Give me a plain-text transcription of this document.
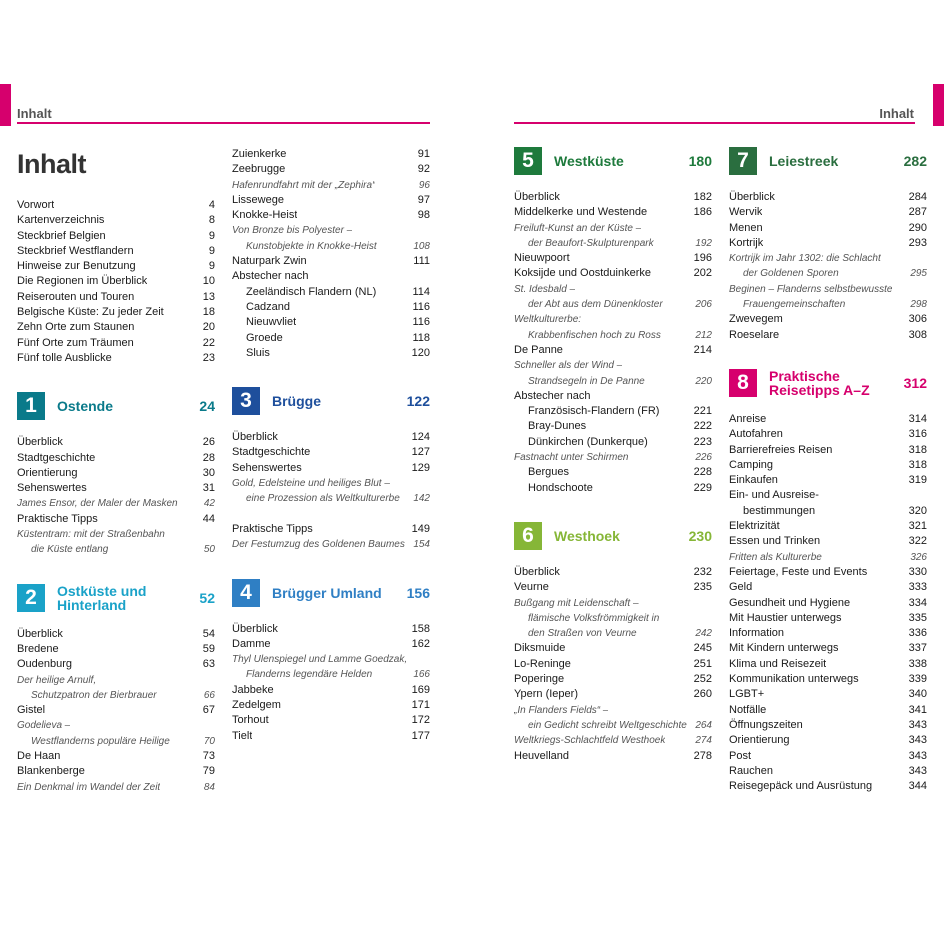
Inhalt	Inhalt
Inhalt
Vorwort	4
Kartenverzeichnis	8
Steckbrief Belgien	9
Steckbrief Westflandern	9
Hinweise zur Benutzung	9
Die Regionen im Überblick	10
Reiserouten und Touren	13
Belgische Küste: Zu jeder Zeit	18
Zehn Orte zum Staunen	20
Fünf Orte zum Träumen	22
Fünf tolle Ausblicke	23
1	Ostende	24
Überblick	26
Stadtgeschichte	28
Orientierung	30
Sehenswertes	31
James Ensor, der Maler der Masken	42
Praktische Tipps	44
Küstentram: mit der Straßenbahn
die Küste entlang	50
2	Ostküste und
Hinterland	52
Überblick	54
Bredene	59
Oudenburg	63
Der heilige Arnulf,
Schutzpatron der Bierbrauer	66
Gistel	67
Godelieva –
Westflanderns populäre Heilige	70
De Haan	73
Blankenberge	79
Ein Denkmal im Wandel der Zeit	84
Zuienkerke	91
Zeebrugge	92
Hafenrundfahrt mit der „Zephira“	96
Lissewege	97
Knokke-Heist	98
Von Bronze bis Polyester –
Kunstobjekte in Knokke-Heist	108
Naturpark Zwin	111
Abstecher nach
Zeeländisch Flandern (NL)	114
Cadzand	116
Nieuwvliet	116
Groede	118
Sluis	120
3	Brügge	122
Überblick	124
Stadtgeschichte	127
Sehenswertes	129
Gold, Edelsteine und heiliges Blut –
eine Prozession als Weltkulturerbe	142
Praktische Tipps	149
Der Festumzug des Goldenen Baumes 154
4	Brügger Umland	156
Überblick	158
Damme	162
Thyl Ulenspiegel und Lamme Goedzak,
Flanderns legendäre Helden	166
Jabbeke	169
Zedelgem	171
Torhout	172
Tielt	177
5	Westküste	180
Überblick	182
Middelkerke und Westende	186
Freiluft-Kunst an der Küste –
der Beaufort-Skulpturenpark	192
Nieuwpoort	196
Koksijde und Oostduinkerke	202
St. Idesbald –
der Abt aus dem Dünenkloster	206
Weltkulturerbe:
Krabbenfischen hoch zu Ross	212
De Panne	214
Schneller als der Wind –
Strandsegeln in De Panne	220
Abstecher nach
Französisch-Flandern (FR)	221
Bray-Dunes	222
Dünkirchen (Dunkerque)	223
Fastnacht unter Schirmen	226
Bergues	228
Hondschoote	229
6	Westhoek	230
Überblick	232
Veurne	235
Bußgang mit Leidenschaft –
flämische Volksfrömmigkeit in
den Straßen von Veurne	242
Diksmuide	245
Lo-Reninge	251
Poperinge	252
Ypern (Ieper)	260
„In Flanders Fields“ –
ein Gedicht schreibt Weltgeschichte 264
Weltkriegs-Schlachtfeld Westhoek	274
Heuvelland	278
7	Leiestreek	282
Überblick	284
Wervik	287
Menen	290
Kortrijk	293
Kortrijk im Jahr 1302: die Schlacht
der Goldenen Sporen	295
Beginen – Flanderns selbstbewusste
Frauengemeinschaften	298
Zwevegem	306
Roeselare	308
8	Praktische
Reisetipps A–Z	312
Anreise	314
Autofahren	316
Barrierefreies Reisen	318
Camping	318
Einkaufen	319
Ein- und Ausreise-
bestimmungen	320
Elektrizität	321
Essen und Trinken	322
Fritten als Kulturerbe	326
Feiertage, Feste und Events	330
Geld	333
Gesundheit und Hygiene	334
Mit Haustier unterwegs	335
Information	336
Mit Kindern unterwegs	337
Klima und Reisezeit	338
Kommunikation unterwegs	339
LGBT+	340
Notfälle	341
Öffnungszeiten	343
Orientierung	343
Post	343
Rauchen	343
Reisegepäck und Ausrüstung	344
